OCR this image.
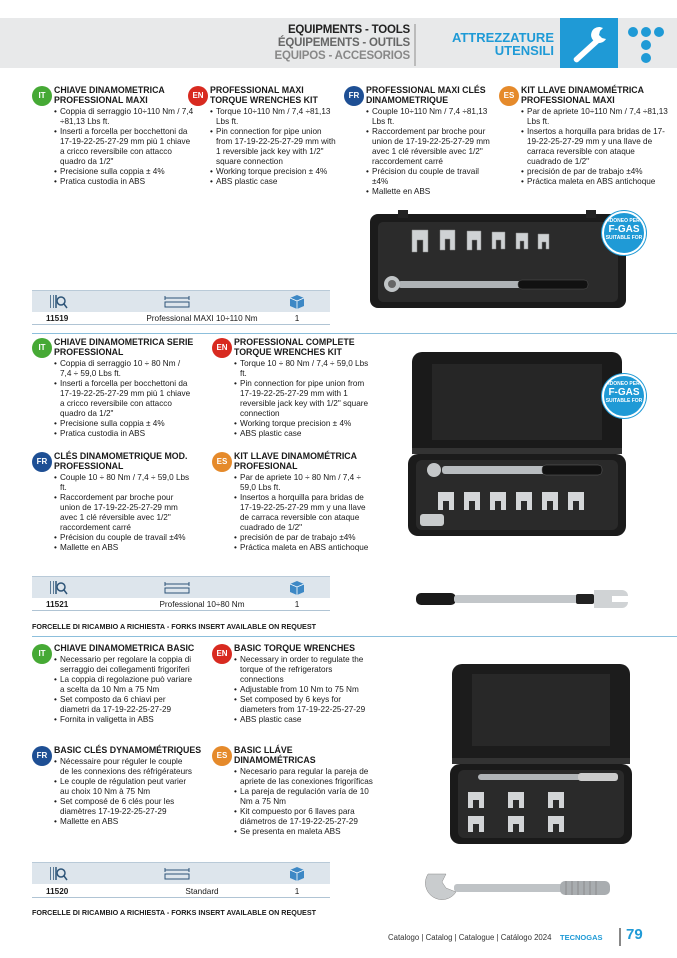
EQUIPMENTS - TOOLS
ÉQUIPEMENTS - OUTILS
EQUIPOS - ACCESORIOS
ATTREZZATURE
UTENSILI
IT
CHIAVE DINAMOMETRICA PROFESSIONAL MAXI
• Coppia di serraggio 10÷110 Nm / 7,4 ÷81,13 Lbs ft.
• Inserti a forcella per bocchettoni da 17-19-22-25-27-29 mm più 1 chiave a cricco reversibile con attacco quadro da 1/2"
• Precisione sulla coppia ± 4%
• Pratica custodia in ABS
EN
PROFESSIONAL MAXI TORQUE WRENCHES KIT
• Torque 10÷110 Nm / 7,4 ÷81,13 Lbs ft.
• Pin connection for pipe union from 17-19-22-25-27-29 mm with 1 reversible jack key with 1/2" square connection
• Working torque precision ± 4%
• ABS plastic case
FR
PROFESSIONAL MAXI CLÉS DINAMOMETRIQUE
• Couple 10÷110 Nm / 7,4 ÷81,13 Lbs ft.
• Raccordement par broche pour union de 17-19-22-25-27-29 mm avec 1 clé réversible avec 1/2" raccordement carré
• Précision du couple de travail ±4%
• Mallette en ABS
ES
KIT LLAVE DINAMOMÉTRICA PROFESSIONAL MAXI
• Par de apriete 10÷110 Nm / 7,4 ÷81,13 Lbs ft.
• Insertos a horquilla para bridas de 17-19-22-25-27-29 mm y una llave de carraca reversible con ataque cuadrado de 1/2"
• precisión de par de trabajo ±4%
• Práctica maleta en ABS antichoque
IDONEO PER
F-GAS
SUITABLE FOR
11519	Professional MAXI 10÷110 Nm	1
IT
CHIAVE DINAMOMETRICA SERIE PROFESSIONAL
• Coppia di serraggio 10 ÷ 80 Nm / 7,4 ÷ 59,0 Lbs ft.
• Inserti a forcella per bocchettoni da 17-19-22-25-27-29 mm più 1 chiave a cricco reversibile con attacco quadro da 1/2"
• Precisione sulla coppia ± 4%
• Pratica custodia in ABS
EN
PROFESSIONAL COMPLETE TORQUE WRENCHES KIT
• Torque 10 ÷ 80 Nm / 7,4 ÷ 59,0 Lbs ft.
• Pin connection for pipe union from 17-19-22-25-27-29 mm with 1 reversible jack key with 1/2" square connection
• Working torque precision ± 4%
• ABS plastic case
FR
CLÉS DINAMOMETRIQUE MOD. PROFESSIONAL
• Couple 10 ÷ 80 Nm / 7,4 ÷ 59,0 Lbs ft.
• Raccordement par broche pour union de 17-19-22-25-27-29 mm avec 1 clé réversible avec 1/2" raccordement carré
• Précision du couple de travail ±4%
• Mallette en ABS
ES
KIT LLAVE DINAMOMÉTRICA PROFESIONAL
• Par de apriete 10 ÷ 80 Nm / 7,4 ÷ 59,0 Lbs ft.
• Insertos a horquilla para bridas de 17-19-22-25-27-29 mm y una llave de carraca reversible con ataque cuadrado de 1/2"
• precisión de par de trabajo ±4%
• Práctica maleta en ABS antichoque
IDONEO PER
F-GAS
SUITABLE FOR
11521	Professional 10÷80 Nm	1
FORCELLE DI RICAMBIO A RICHIESTA - FORKS INSERT AVAILABLE ON REQUEST
IT
CHIAVE DINAMOMETRICA BASIC
• Necessario per regolare la coppia di serraggio dei collegamenti frigoriferi
• La coppia di regolazione può variare a scelta da 10 Nm a 75 Nm
• Set composto da 6 chiavi per diametri da 17-19-22-25-27-29
• Fornita in valigetta in ABS
EN
BASIC TORQUE WRENCHES
• Necessary in order to regulate the torque of the refrigerators connections
• Adjustable from 10 Nm to 75 Nm
• Set composed by 6 keys for diameters from 17-19-22-25-27-29
• ABS plastic case
FR
BASIC CLÉS DYNAMOMÉTRIQUES
• Nécessaire pour réguler le couple de les connexions des réfrigérateurs
• Le couple de régulation peut varier au choix 10 Nm à 75 Nm
• Set composé de 6 clés pour les diamètres 17-19-22-25-27-29
• Mallette en ABS
ES
BASIC LLÁVE DINAMOMÉTRICAS
• Necesario para regular la pareja de apriete de las conexiones frigoríficas
• La pareja de regulación varía de 10 Nm a 75 Nm
• Kit compuesto por 6 llaves para diámetros de 17-19-22-25-27-29
• Se presenta en maleta ABS
11520	Standard	1
FORCELLE DI RICAMBIO A RICHIESTA - FORKS INSERT AVAILABLE ON REQUEST
Catalogo | Catalog | Catalogue | Catálogo 2024 TECNOGAS 79
